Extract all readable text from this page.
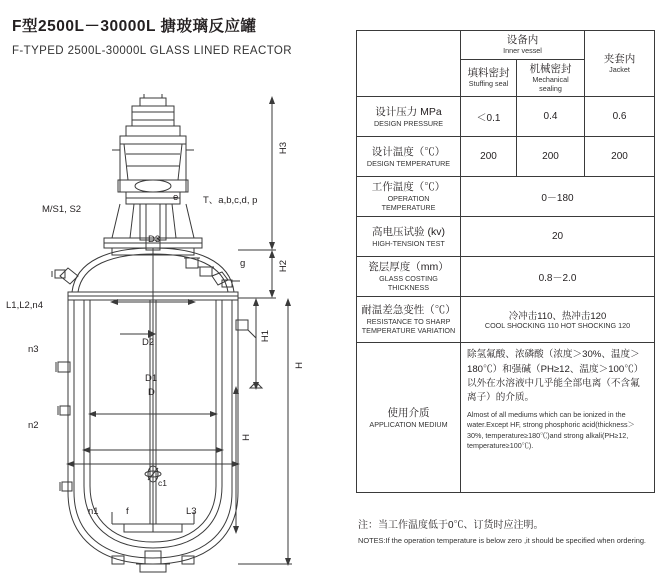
F型2500L－30000L 搪玻璃反应罐
F-TYPED 2500L-30000L GLASS LINED REACTOR
H3
H2
H1
H
H
T、a,b,c,d, p
M/S1, S2
e
g
D3
D2
D1
D
L1,L2,n4
n3
n2
n1	f	L3
c1

	设备内
Inner vessel		夹套内
Jacket

	填料密封
Stuffing seal	机械密封
Mechanical sealing	

设计压力 MPa
DESIGN PRESSURE	＜0.1	0.4	0.6

设计温度（℃）
DESIGN TEMPERATURE	200	200	200

工作温度（℃）
OPERATION TEMPERATURE	0－180		

高电压试验 (kv)
HIGH-TENSION TEST	20		

瓷层厚度（mm）
GLASS COSTING THICKNESS	0.8－2.0		

耐温差急变性（℃）
RESISTANCE TO SHARP TEMPERATURE VARIATION	冷冲击110、热冲击120
COOL SHOCKING 110 HOT SHOCKING 120		

使用介质
APPLICATION MEDIUM	除氢氟酸、浓磷酸（浓度＞30%、温度＞180℃）和强碱（PH≥12、温度＞100℃）以外在水溶液中几乎能全部电离（不含氟离子）的介质。
Almost of all mediums which can be ionized in the water.Except HF, strong phosphoric acid(thickness＞30%, temperature≥180℃)and strong alkali(PH≥12, temperature≥100℃).		
注：当工作温度低于0℃、订货时应注明。
NOTES:If the operation temperature is below zero ,it should be specified when ordering.
